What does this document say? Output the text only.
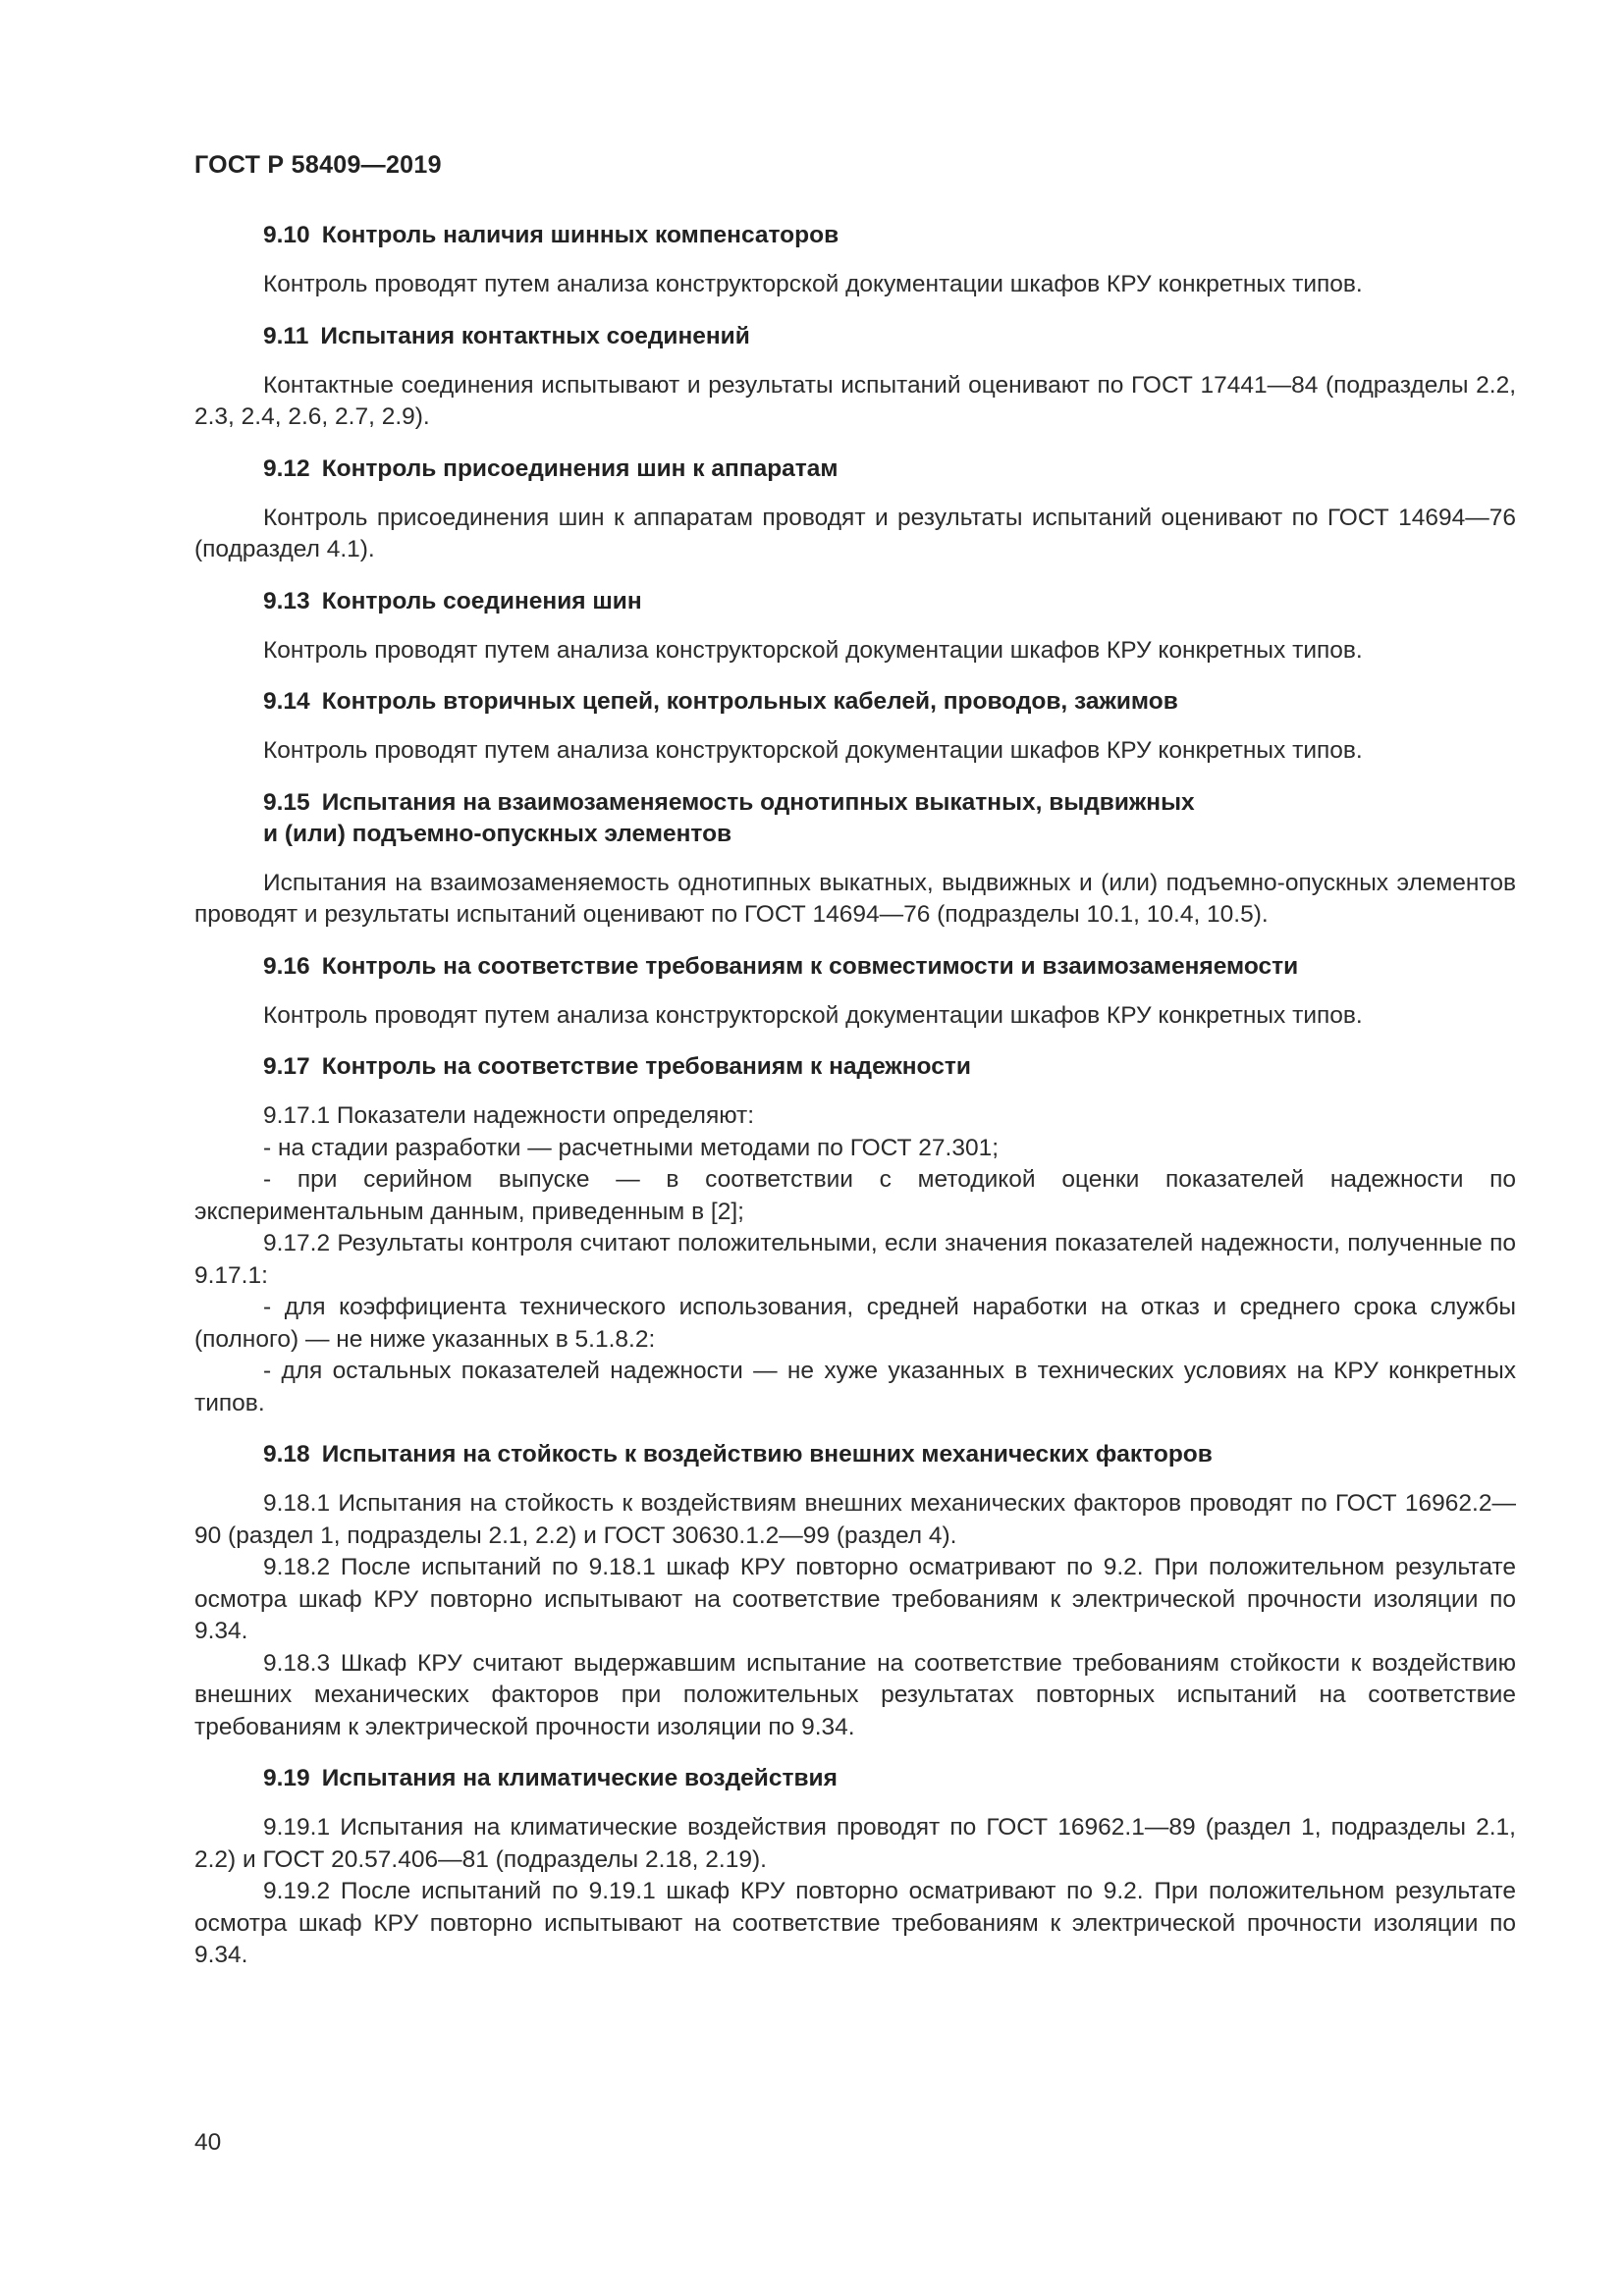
ГОСТ Р 58409—2019
9.10 Контроль наличия шинных компенсаторов

Контроль проводят путем анализа конструкторской документации шкафов КРУ конкретных типов.

9.11 Испытания контактных соединений

Контактные соединения испытывают и результаты испытаний оценивают по ГОСТ 17441—84 (подразделы 2.2, 2.3, 2.4, 2.6, 2.7, 2.9).

9.12 Контроль присоединения шин к аппаратам

Контроль присоединения шин к аппаратам проводят и результаты испытаний оценивают по ГОСТ 14694—76 (подраздел 4.1).

9.13 Контроль соединения шин

Контроль проводят путем анализа конструкторской документации шкафов КРУ конкретных типов.

9.14 Контроль вторичных цепей, контрольных кабелей, проводов, зажимов

Контроль проводят путем анализа конструкторской документации шкафов КРУ конкретных типов.

9.15 Испытания на взаимозаменяемость однотипных выкатных, выдвижных
и (или) подъемно-опускных элементов

Испытания на взаимозаменяемость однотипных выкатных, выдвижных и (или) подъемно-опускных элементов проводят и результаты испытаний оценивают по ГОСТ 14694—76 (подразделы 10.1, 10.4, 10.5).

9.16 Контроль на соответствие требованиям к совместимости и взаимозаменяемости

Контроль проводят путем анализа конструкторской документации шкафов КРУ конкретных типов.

9.17 Контроль на соответствие требованиям к надежности

9.17.1 Показатели надежности определяют:

- на стадии разработки — расчетными методами по ГОСТ 27.301;

- при серийном выпуске — в соответствии с методикой оценки показателей надежности по экспериментальным данным, приведенным в [2];

9.17.2 Результаты контроля считают положительными, если значения показателей надежности, полученные по 9.17.1:

- для коэффициента технического использования, средней наработки на отказ и среднего срока службы (полного) — не ниже указанных в 5.1.8.2:

- для остальных показателей надежности — не хуже указанных в технических условиях на КРУ конкретных типов.

9.18 Испытания на стойкость к воздействию внешних механических факторов

9.18.1 Испытания на стойкость к воздействиям внешних механических факторов проводят по ГОСТ 16962.2—90 (раздел 1, подразделы 2.1, 2.2) и ГОСТ 30630.1.2—99 (раздел 4).

9.18.2 После испытаний по 9.18.1 шкаф КРУ повторно осматривают по 9.2. При положительном результате осмотра шкаф КРУ повторно испытывают на соответствие требованиям к электрической прочности изоляции по 9.34.

9.18.3 Шкаф КРУ считают выдержавшим испытание на соответствие требованиям стойкости к воздействию внешних механических факторов при положительных результатах повторных испытаний на соответствие требованиям к электрической прочности изоляции по 9.34.

9.19 Испытания на климатические воздействия

9.19.1 Испытания на климатические воздействия проводят по ГОСТ 16962.1—89 (раздел 1, подразделы 2.1, 2.2) и ГОСТ 20.57.406—81 (подразделы 2.18, 2.19).

9.19.2 После испытаний по 9.19.1 шкаф КРУ повторно осматривают по 9.2. При положительном результате осмотра шкаф КРУ повторно испытывают на соответствие требованиям к электрической прочности изоляции по 9.34.

40
